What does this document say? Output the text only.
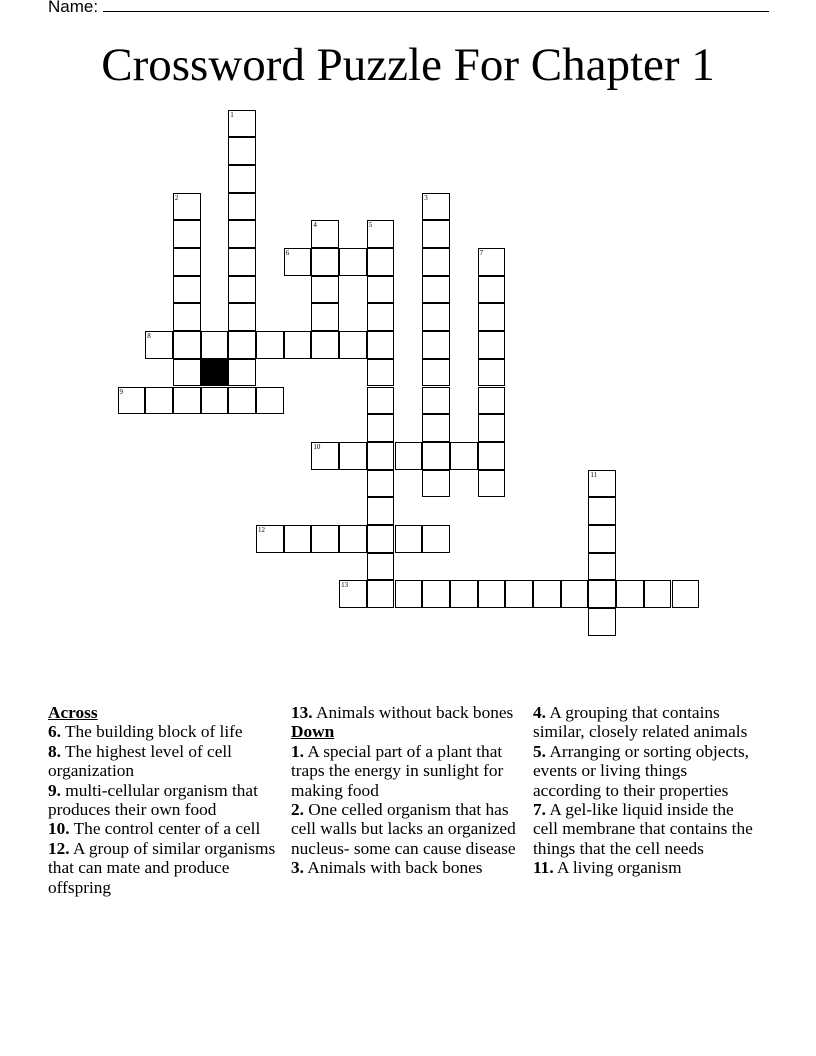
Name:
Crossword Puzzle For Chapter 1
1
2	3
4	5
6	7
8
9
10
11
12
13
Across
6. The building block of life
8. The highest level of cell organization
9. multi-cellular organism that produces their own food
10. The control center of a cell
12. A group of similar organisms that can mate and produce offspring
13. Animals without back bones
Down
1. A special part of a plant that traps the energy in sunlight for making food
2. One celled organism that has cell walls but lacks an organized nucleus- some can cause disease
3. Animals with back bones
4. A grouping that contains similar, closely related animals
5. Arranging or sorting objects, events or living things according to their properties
7. A gel-like liquid inside the cell membrane that contains the things that the cell needs
11. A living organism
